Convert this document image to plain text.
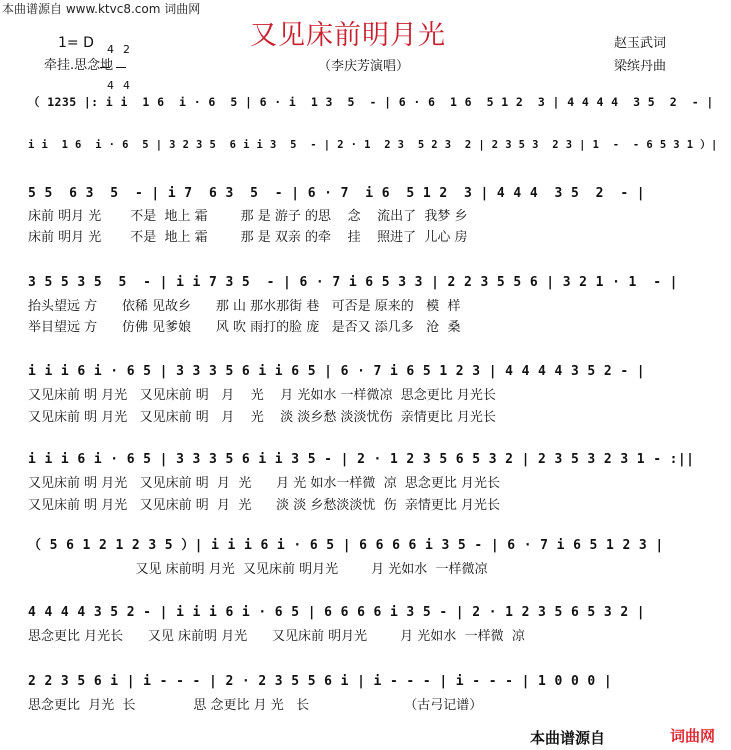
本曲谱源自 www.ktvc8.com 词曲网
又见床前明月光
1= D	4

4

2

4

牵挂.思念地	（李庆芳演唱）
赵玉武词
梁缤丹曲
（ 1235 |: i i  1 6  i · 6  5 | 6 · i  1 3  5  - | 6 · 6  1 6  5 1 2  3 | 4 4 4 4  3 5  2  - |
i i  1 6  i · 6  5 | 3 2 3 5  6 i i 3  5  - | 2 · 1  2 3  5 2 3  2 | 2 3 5 3  2 3 | 1  -  - 6 5 3 1 ）|
5 5  6 3  5  - | i 7  6 3  5  - | 6 · 7  i 6  5 1 2  3 | 4 4 4  3 5  2  - |
床前 明月 光       不是  地上 霜        那 是 游子 的思    念    流出了  我梦 乡
床前 明月 光       不是  地上 霜        那 是 双亲 的牵    挂    照进了  儿心 房
3 5 5 3 5  5  - | i i 7 3 5  - | 6 · 7 i 6 5 3 3 | 2 2 3 5 5 6 | 3 2 1 · 1  - |
抬头望远 方      依稀 见故乡      那 山 那水那街 巷   可否是 原来的   模  样
举目望远 方      仿佛 见爹娘      风 吹 雨打的脸 庞   是否又 添几多   沧  桑
i i i 6 i · 6 5 | 3 3 3 5 6 i i 6 5 | 6 · 7 i 6 5 1 2 3 | 4 4 4 4 3 5 2 - |
又见床前 明 月光   又见床前 明   月    光    月 光如水 一样微凉  思念更比 月光长
又见床前 明 月光   又见床前 明   月    光    淡 淡乡愁 淡淡忧伤  亲情更比 月光长
i i i 6 i · 6 5 | 3 3 3 5 6 i i 3 5 - | 2 · 1 2 3 5 6 5 3 2 | 2 3 5 3 2 3 1 - :||
又见床前 明 月光   又见床前 明  月  光      月 光 如水一样微  凉  思念更比 月光长
又见床前 明 月光   又见床前 明  月  光      淡 淡 乡愁淡淡忧  伤  亲情更比 月光长
（ 5 6 1 2 1 2 3 5 ）| i i i 6 i · 6 5 | 6 6 6 6 i 3 5 - | 6 · 7 i 6 5 1 2 3 |
又见 床前明 月光  又见床前 明月光        月 光如水  一样微凉
4 4 4 4 3 5 2 - | i i i 6 i · 6 5 | 6 6 6 6 i 3 5 - | 2 · 1 2 3 5 6 5 3 2 |
思念更比 月光长      又见 床前明 月光      又见床前 明月光        月 光如水  一样微  凉
2 2 3 5 6 i | i - - - | 2 · 2 3 5 5 6 i | i - - - | i - - - | 1 0 0 0 |
思念更比  月光  长              思 念更比 月 光   长                       （古弓记谱）
本曲谱源自	词曲网
